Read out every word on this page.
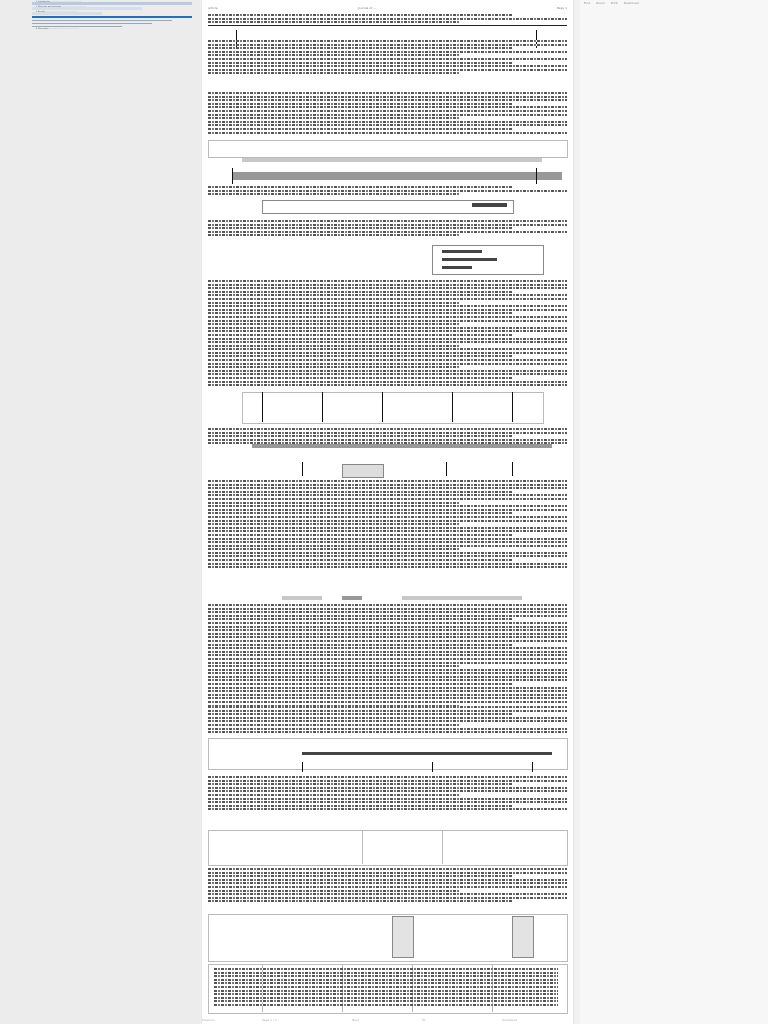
1 Introduction ................................................
2 Materials and methods ......................................
3 Results ..................................................
4 Discussion ...............................................
Article	Journal of ---	Page 1
Find Zoom Print Download
Previous	Page 1 / 1	Next	Fit	Download
